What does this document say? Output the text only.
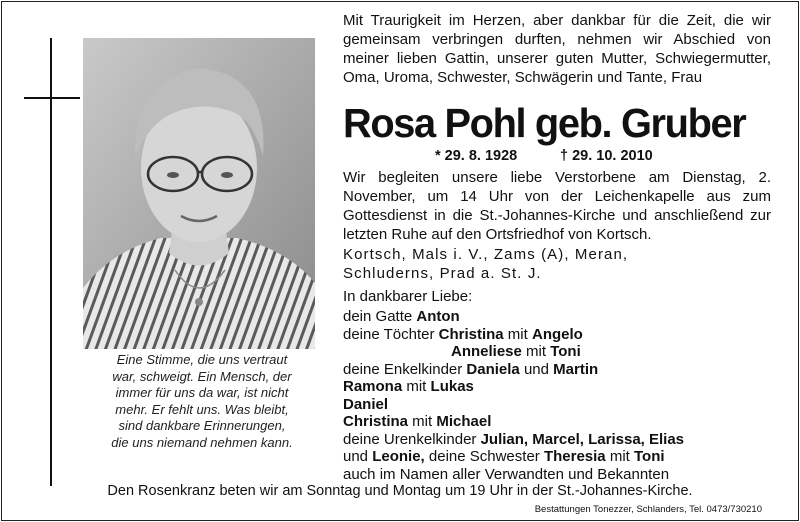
Eine Stimme, die uns vertraut
war, schweigt. Ein Mensch, der
immer für uns da war, ist nicht
mehr. Er fehlt uns. Was bleibt,
sind dankbare Erinnerungen,
die uns niemand nehmen kann.
Mit Traurigkeit im Herzen, aber dankbar für die Zeit, die wir gemeinsam verbringen durften, nehmen wir Abschied von meiner lieben Gattin, unserer guten Mutter, Schwiegermutter, Oma, Uroma, Schwester, Schwägerin und Tante, Frau
Rosa Pohl geb. Gruber
* 29. 8. 1928	† 29. 10. 2010
Wir begleiten unsere liebe Verstorbene am Dienstag, 2. November, um 14 Uhr von der Leichenkapelle aus zum Gottesdienst in die St.-Johannes-Kirche und anschließend zur letzten Ruhe auf den Ortsfriedhof von Kortsch.
Kortsch, Mals i. V., Zams (A), Meran,
Schluderns, Prad a. St. J.
In dankbarer Liebe:
dein Gatte Anton
deine Töchter Christina mit Angelo
Anneliese mit Toni
deine Enkelkinder Daniela und Martin
Ramona mit Lukas
Daniel
Christina mit Michael
deine Urenkelkinder Julian, Marcel, Larissa, Elias
und Leonie, deine Schwester Theresia mit Toni
auch im Namen aller Verwandten und Bekannten
Den Rosenkranz beten wir am Sonntag und Montag um 19 Uhr in der St.-Johannes-Kirche.
Bestattungen Tonezzer, Schlanders, Tel. 0473/730210
